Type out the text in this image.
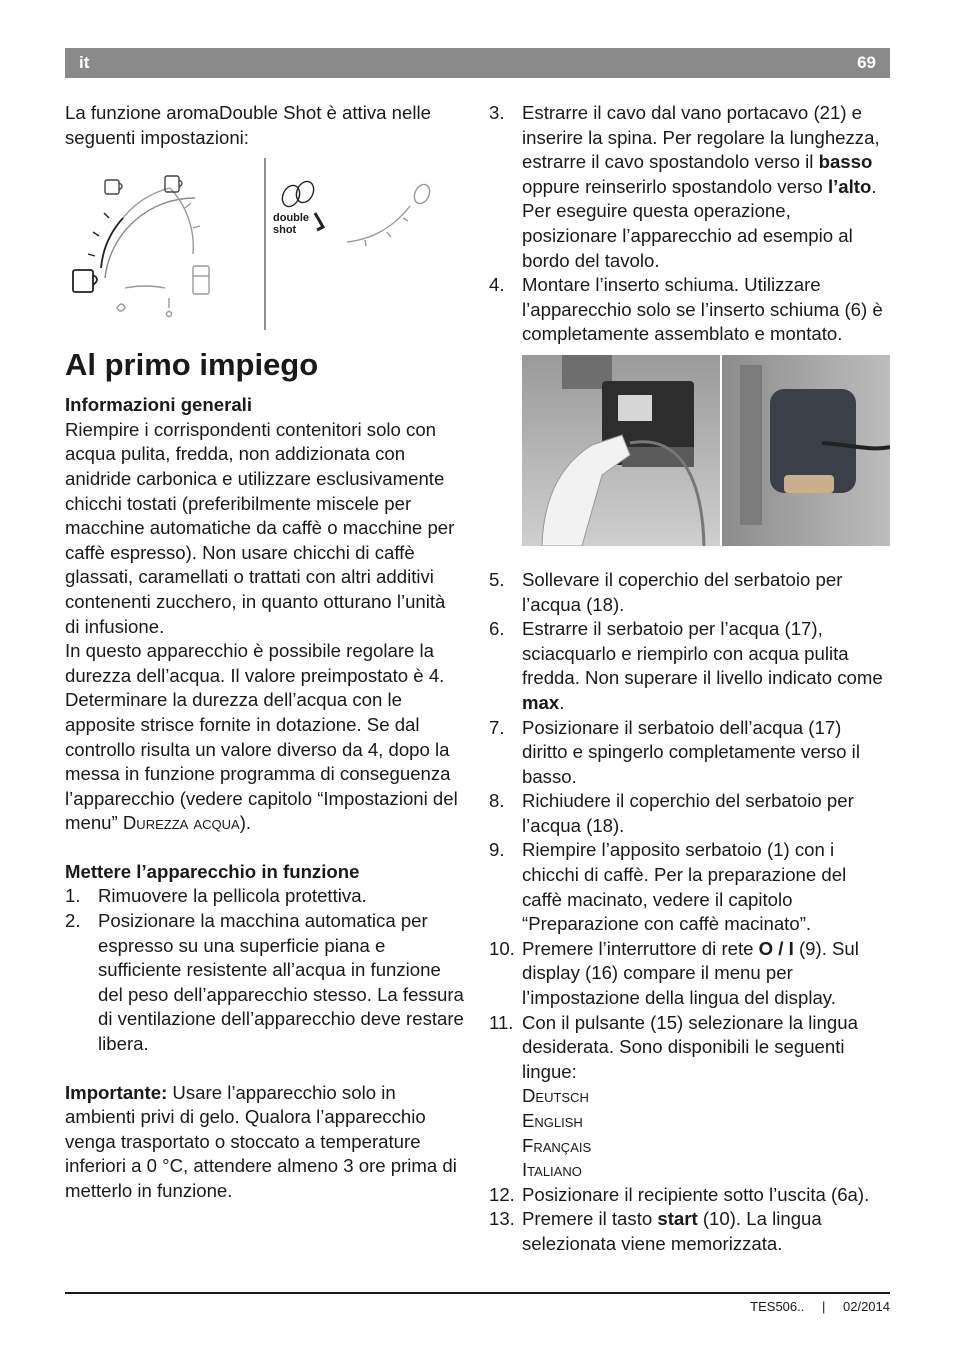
it	69

La funzione aromaDouble Shot è attiva nelle seguenti impostazioni:

double
shot
Al primo impiego

Informazioni generali

Riempire i corrispondenti contenitori solo con acqua pulita, fredda, non addizionata con anidride carbonica e utilizzare esclusivamente chicchi tostati (preferibilmente miscele per macchine automatiche da caffè o macchine per caffè espresso). Non usare chicchi di caffè glassati, caramellati o trattati con altri additivi contenenti zucchero, in quanto otturano l’unità di infusione.

In questo apparecchio è possibile regolare la durezza dell’acqua. Il valore preimpostato è 4. Determinare la durezza dell’acqua con le apposite strisce fornite in dotazione. Se dal controllo risulta un valore diverso da 4, dopo la messa in funzione programma di conseguenza l’apparecchio (vedere capitolo “Impostazioni del menu” Durezza acqua).

Mettere l’apparecchio in funzione

1. Rimuovere la pellicola protettiva.
2. Posizionare la macchina automatica per espresso su una superficie piana e sufficiente resistente all’acqua in funzione del peso dell’apparecchio stesso. La fessura di ventilazione dell’apparecchio deve restare libera.

Importante: Usare l’apparecchio solo in ambienti privi di gelo. Qualora l’apparecchio venga trasportato o stoccato a temperature inferiori a 0 °C, attendere almeno 3 ore prima di metterlo in funzione.

3. Estrarre il cavo dal vano portacavo (21) e inserire la spina. Per regolare la lunghezza, estrarre il cavo spostandolo verso il basso oppure reinserirlo spostandolo verso l’alto. Per eseguire questa operazione, posizionare l’apparecchio ad esempio al bordo del tavolo.
4. Montare l’inserto schiuma. Utilizzare l’apparecchio solo se l’inserto schiuma (6) è completamente assemblato e montato.
5. Sollevare il coperchio del serbatoio per l’acqua (18).
6. Estrarre il serbatoio per l’acqua (17), sciacquarlo e riempirlo con acqua pulita fredda. Non superare il livello indicato come max.
7. Posizionare il serbatoio dell’acqua (17) diritto e spingerlo completamente verso il basso.
8. Richiudere il coperchio del serbatoio per l’acqua (18).
9. Riempire l’apposito serbatoio (1) con i chicchi di caffè. Per la preparazione del caffè macinato, vedere il capitolo “Preparazione con caffè macinato”.
10. Premere l’interruttore di rete O / I (9). Sul display (16) compare il menu per l’impostazione della lingua del display.
11. Con il pulsante (15) selezionare la lingua desiderata. Sono disponibili le seguenti lingue:
Deutsch
English
Français
Italiano
12. Posizionare il recipiente sotto l’uscita (6a).
13. Premere il tasto start (10). La lingua selezionata viene memorizzata.
TES506.. | 02/2014
